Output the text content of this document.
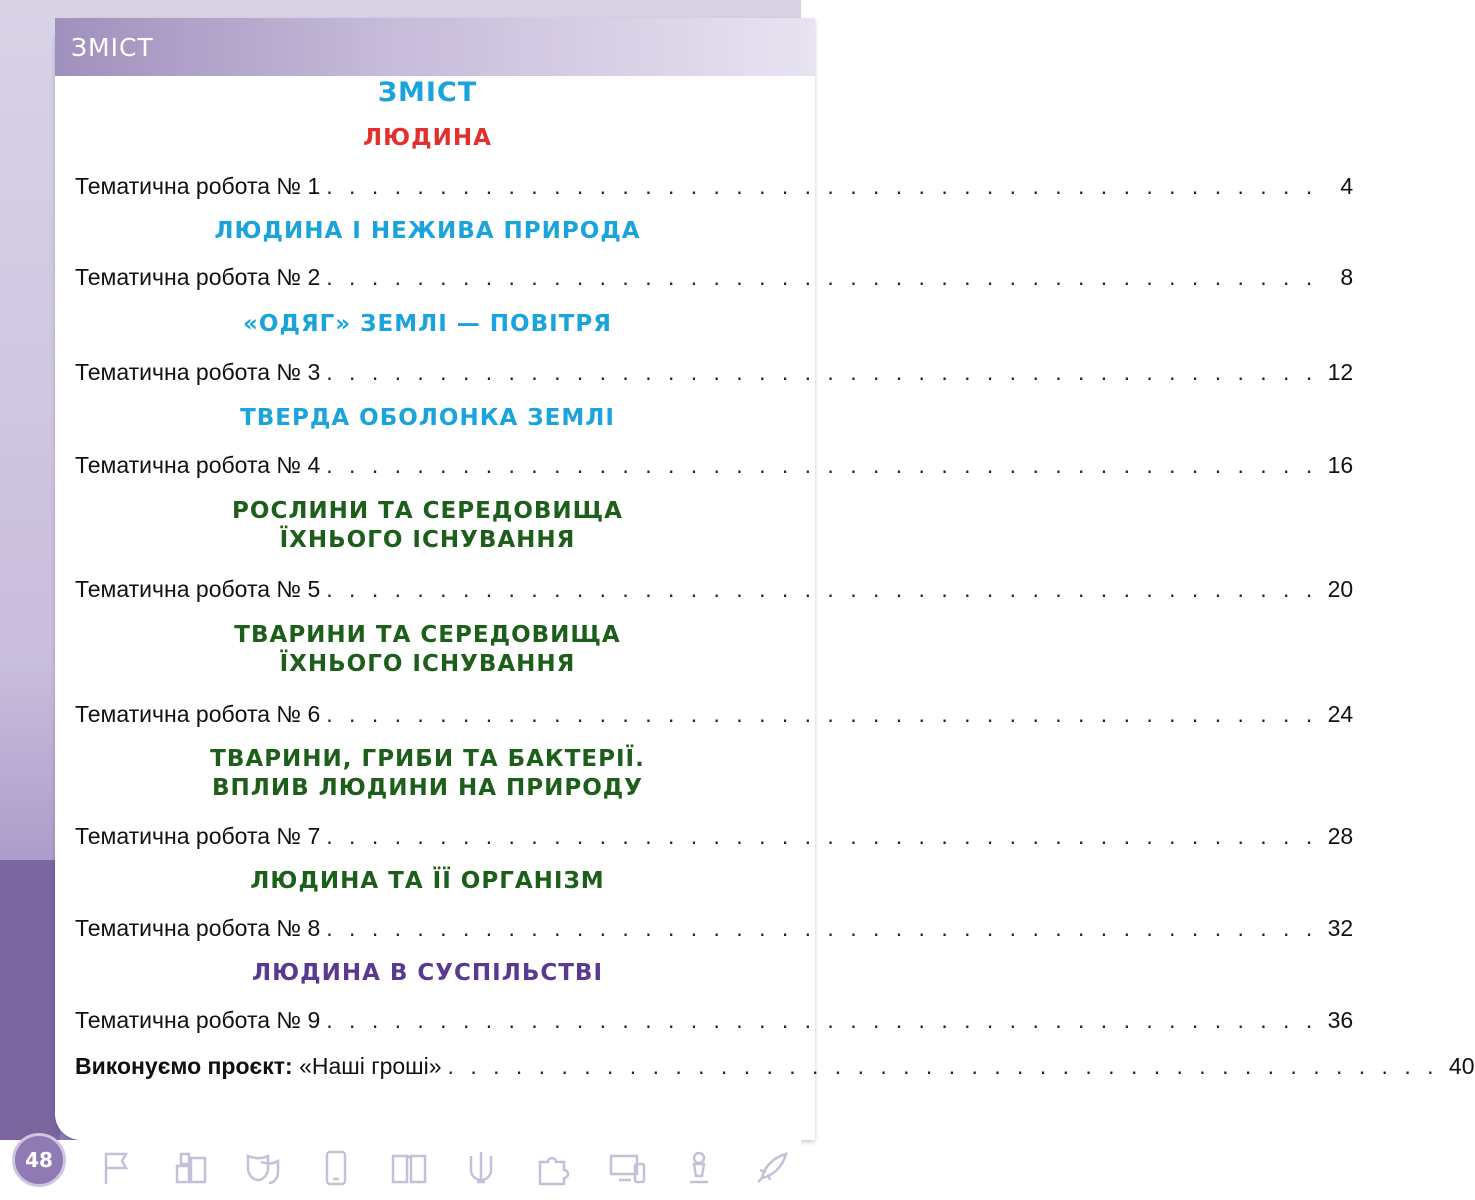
ЗМІСТ
ЗМІСТ
ЛЮДИНА
Тематична робота № 1 . . . . . . . . . . . . . . . . . . . . . . . . . . . . . . . . . . . . . . . . . . . .	4
ЛЮДИНА І НЕЖИВА ПРИРОДА
Тематична робота № 2 . . . . . . . . . . . . . . . . . . . . . . . . . . . . . . . . . . . . . . . . . . . .	8
«ОДЯГ» ЗЕМЛІ — ПОВІТРЯ
Тематична робота № 3 . . . . . . . . . . . . . . . . . . . . . . . . . . . . . . . . . . . . . . . . . . . . 12
ТВЕРДА ОБОЛОНКА ЗЕМЛІ
Тематична робота № 4 . . . . . . . . . . . . . . . . . . . . . . . . . . . . . . . . . . . . . . . . . . . . 16
РОСЛИНИ ТА СЕРЕДОВИЩА
ЇХНЬОГО ІСНУВАННЯ
Тематична робота № 5 . . . . . . . . . . . . . . . . . . . . . . . . . . . . . . . . . . . . . . . . . . . . 20
ТВАРИНИ ТА СЕРЕДОВИЩА
ЇХНЬОГО ІСНУВАННЯ
Тематична робота № 6 . . . . . . . . . . . . . . . . . . . . . . . . . . . . . . . . . . . . . . . . . . . . 24
ТВАРИНИ, ГРИБИ ТА БАКТЕРІЇ.
ВПЛИВ ЛЮДИНИ НА ПРИРОДУ
Тематична робота № 7 . . . . . . . . . . . . . . . . . . . . . . . . . . . . . . . . . . . . . . . . . . . . 28
ЛЮДИНА ТА ЇЇ ОРГАНІЗМ
Тематична робота № 8 . . . . . . . . . . . . . . . . . . . . . . . . . . . . . . . . . . . . . . . . . . . . 32
ЛЮДИНА В СУСПІЛЬСТВІ
Тематична робота № 9 . . . . . . . . . . . . . . . . . . . . . . . . . . . . . . . . . . . . . . . . . . . . 36
Виконуємо проєкт: «Наші гроші» . . . . . . . . . . . . . . . . . . . . . . . . . . . . . . . . . . . . . . . . . . . . 40
48
